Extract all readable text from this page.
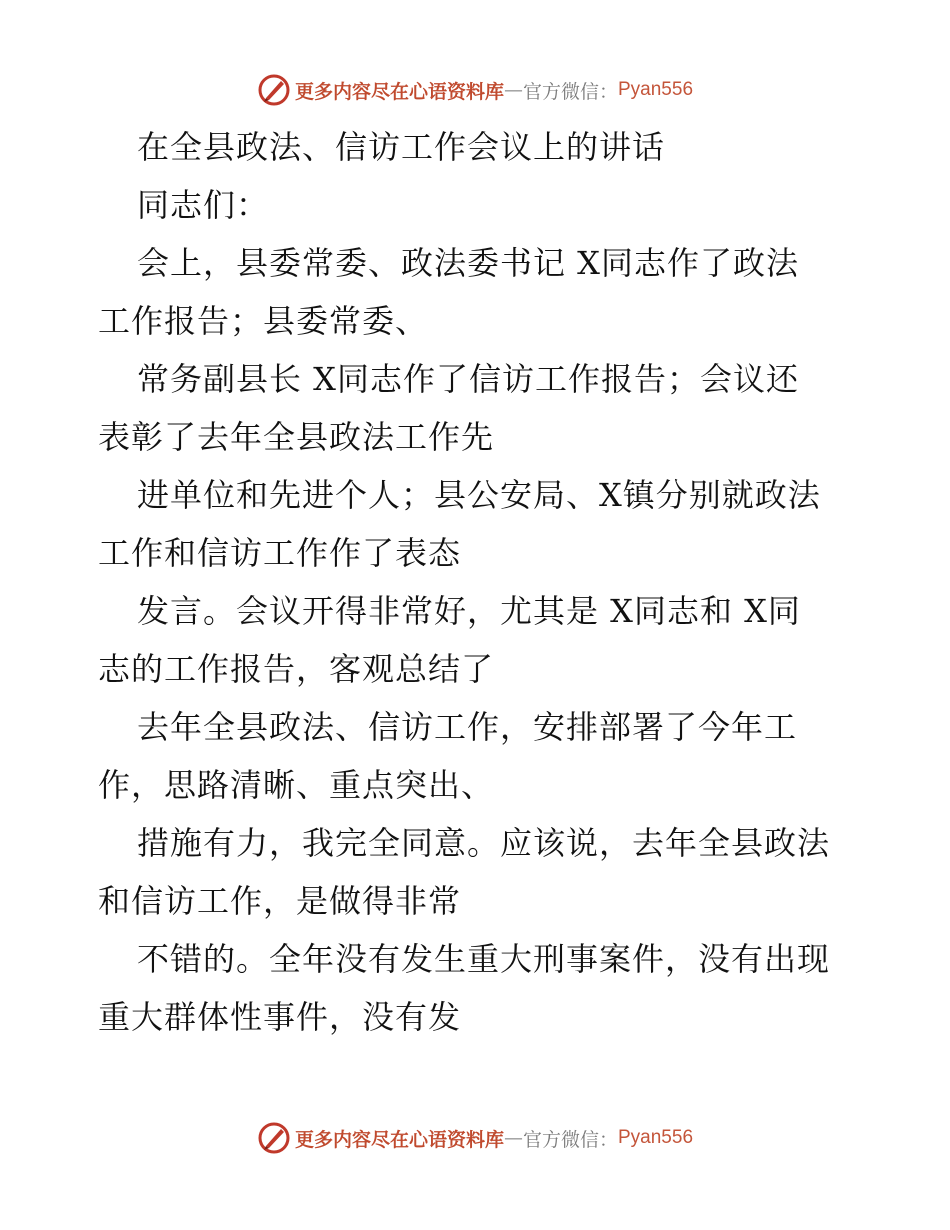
更多内容尽在心语资料库 — 官方微信： Pyan556
在全县政法、信访工作会议上的讲话
同志们：
会上，县委常委、政法委书记 X同志作了政法
工作报告；县委常委、
常务副县长 X同志作了信访工作报告；会议还
表彰了去年全县政法工作先
进单位和先进个人；县公安局、X镇分别就政法
工作和信访工作作了表态
发言。会议开得非常好，尤其是 X同志和 X同
志的工作报告，客观总结了
去年全县政法、信访工作，安排部署了今年工
作，思路清晰、重点突出、
措施有力，我完全同意。应该说，去年全县政法
和信访工作，是做得非常
不错的。全年没有发生重大刑事案件，没有出现
重大群体性事件，没有发
更多内容尽在心语资料库 — 官方微信： Pyan556
